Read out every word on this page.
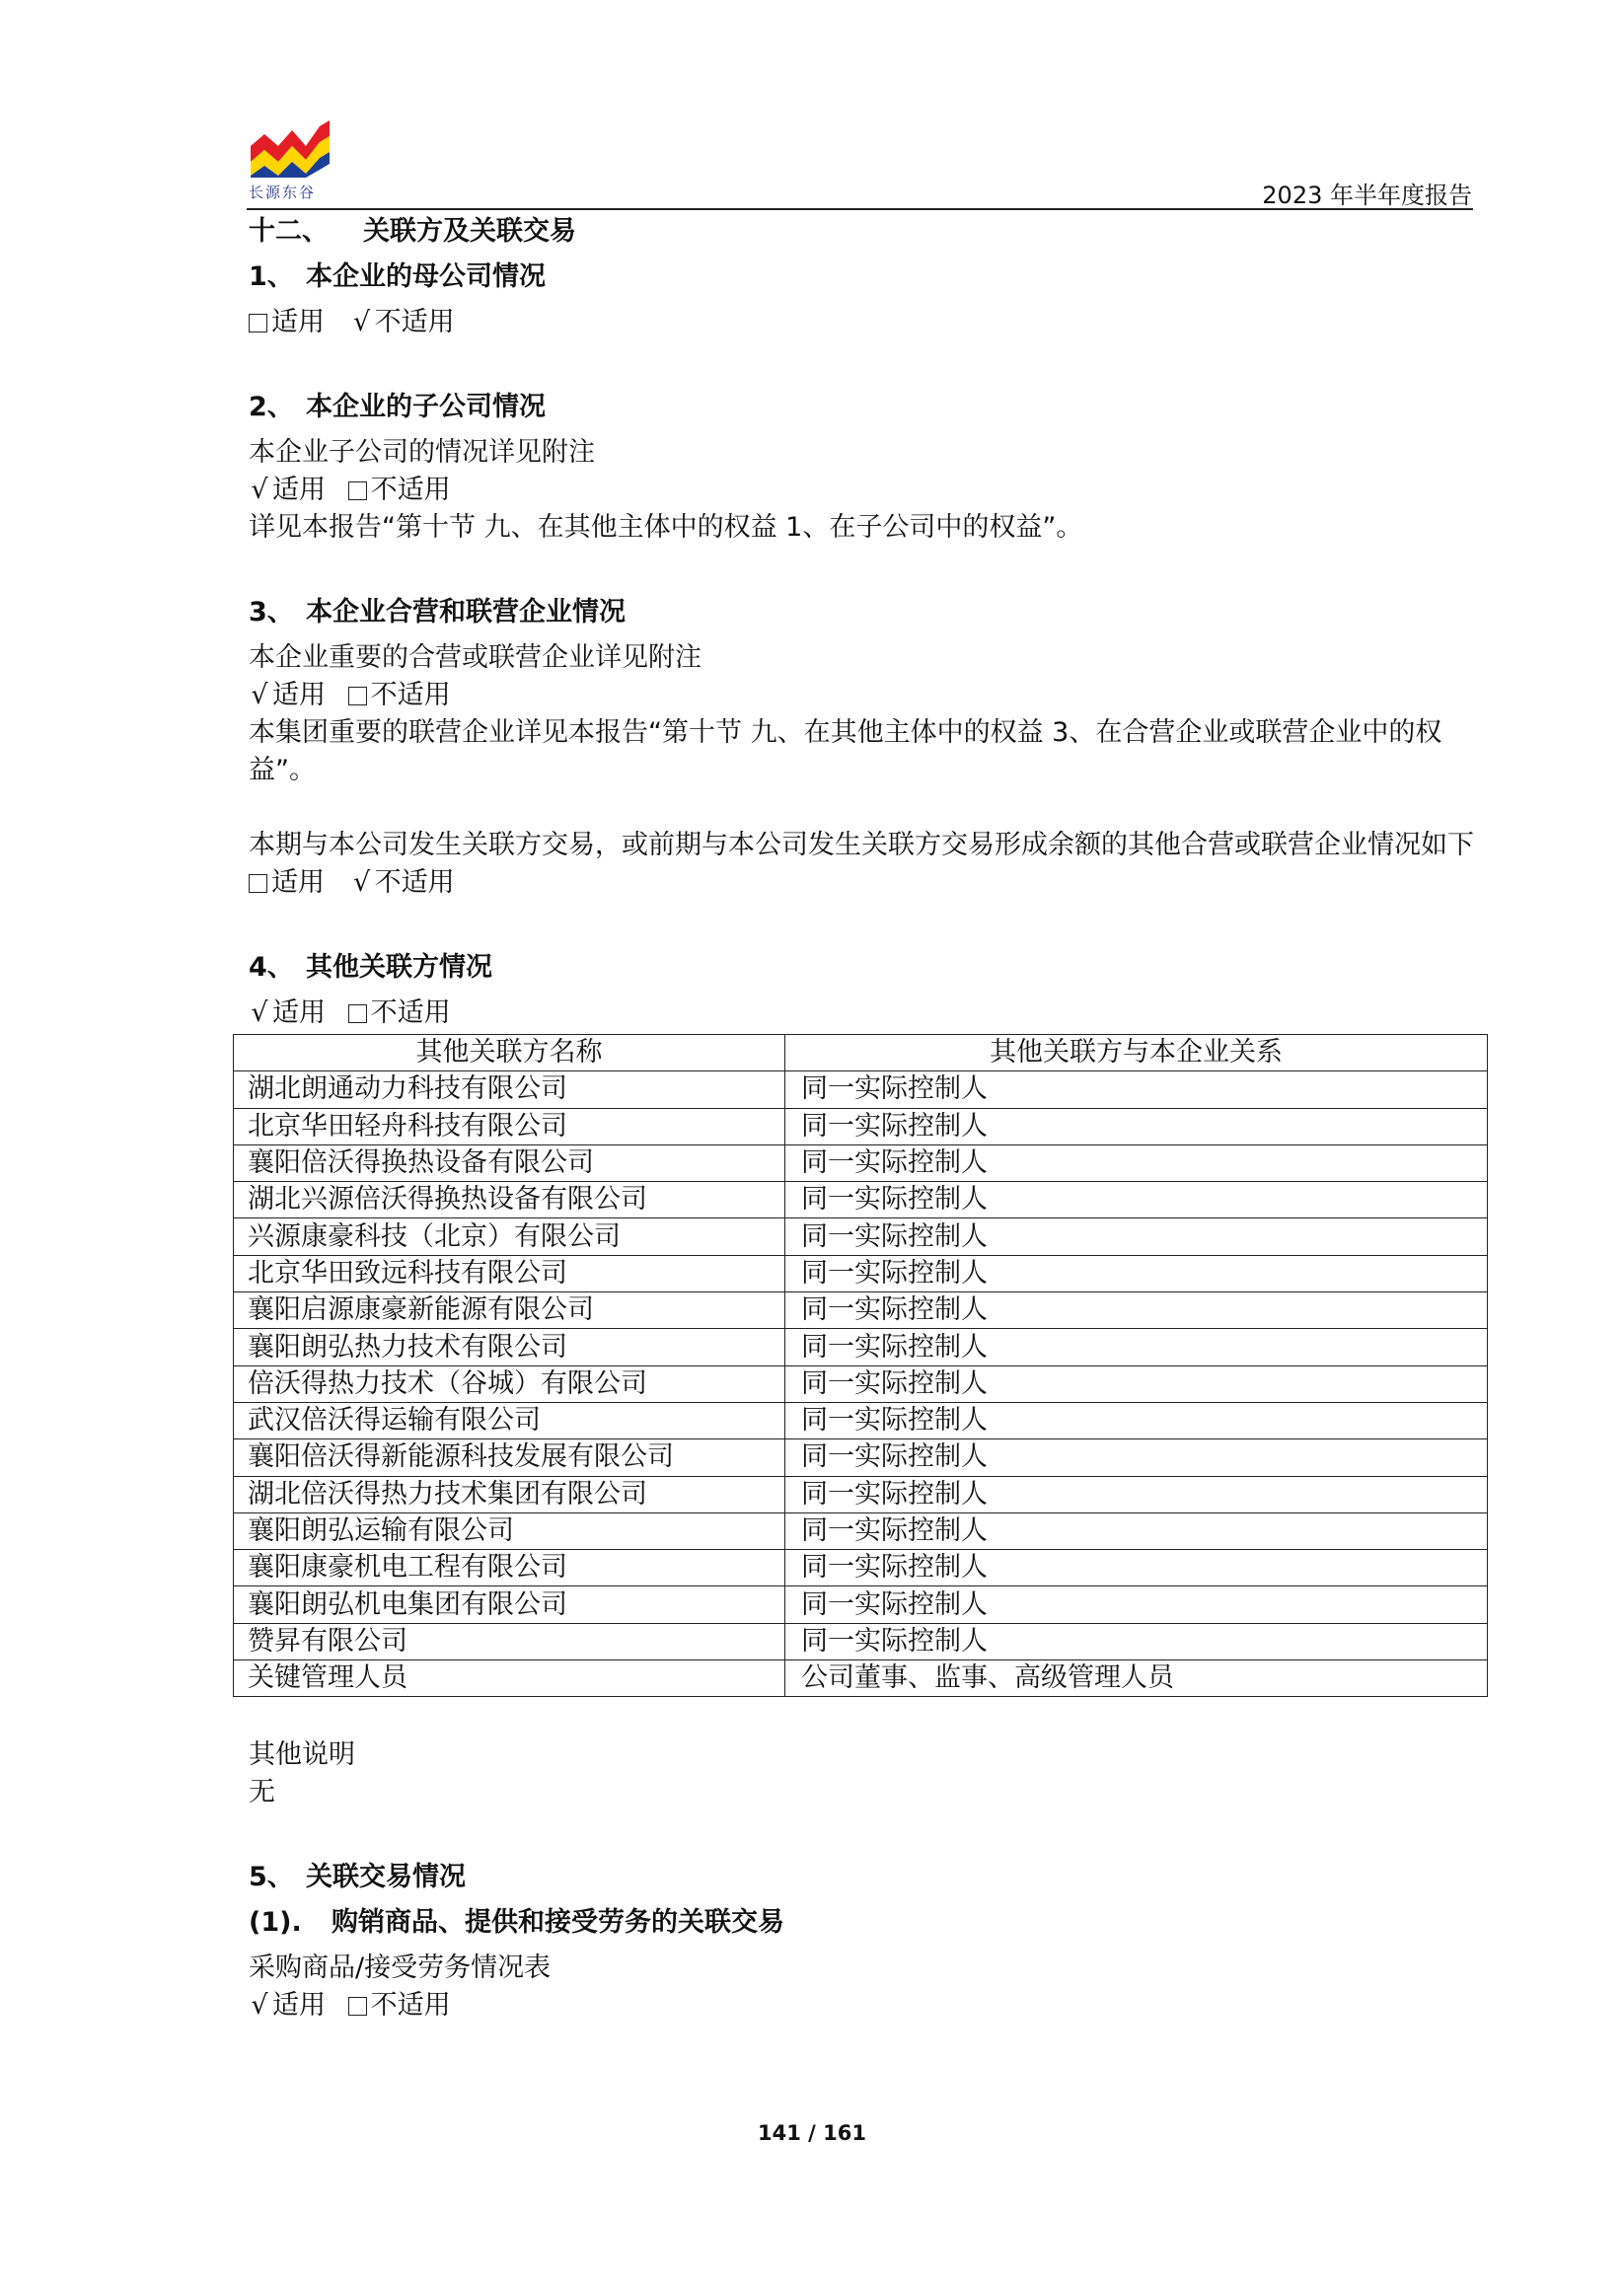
长源东谷	2023 年半年度报告
十二、 关联方及关联交易
1、 本企业的母公司情况
适用 √ 不适用
2、 本企业的子公司情况
本企业子公司的情况详见附注
√ 适用 不适用
详见本报告“第十节 九、在其他主体中的权益 1、在子公司中的权益”。
3、 本企业合营和联营企业情况
本企业重要的合营或联营企业详见附注
√ 适用 不适用
本集团重要的联营企业详见本报告“第十节 九、在其他主体中的权益 3、在合营企业或联营企业中的权益”。
本期与本公司发生关联方交易，或前期与本公司发生关联方交易形成余额的其他合营或联营企业情况如下
适用 √ 不适用
4、 其他关联方情况
√ 适用 不适用
其他关联方名称	其他关联方与本企业关系
湖北朗通动力科技有限公司	同一实际控制人
北京华田轻舟科技有限公司	同一实际控制人
襄阳倍沃得换热设备有限公司	同一实际控制人
湖北兴源倍沃得换热设备有限公司	同一实际控制人
兴源康豪科技（北京）有限公司	同一实际控制人
北京华田致远科技有限公司	同一实际控制人
襄阳启源康豪新能源有限公司	同一实际控制人
襄阳朗弘热力技术有限公司	同一实际控制人
倍沃得热力技术（谷城）有限公司	同一实际控制人
武汉倍沃得运输有限公司	同一实际控制人
襄阳倍沃得新能源科技发展有限公司	同一实际控制人
湖北倍沃得热力技术集团有限公司	同一实际控制人
襄阳朗弘运输有限公司	同一实际控制人
襄阳康豪机电工程有限公司	同一实际控制人
襄阳朗弘机电集团有限公司	同一实际控制人
赞昇有限公司	同一实际控制人
关键管理人员	公司董事、监事、高级管理人员
其他说明
无
5、 关联交易情况
(1). 购销商品、提供和接受劳务的关联交易
采购商品/接受劳务情况表
√ 适用 不适用
141 / 161
